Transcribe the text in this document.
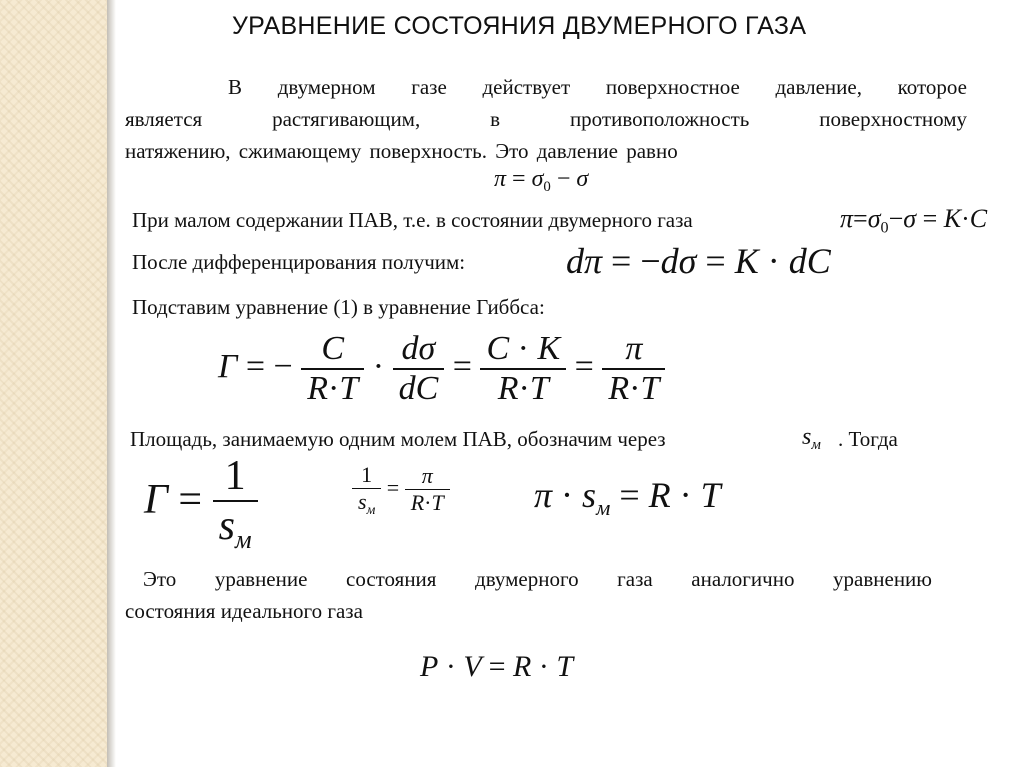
УРАВНЕНИЕ СОСТОЯНИЯ ДВУМЕРНОГО ГАЗА
В двумерном газе действует поверхностное давление, которое
является растягивающим, в противоположность поверхностному
натяжению, сжимающему поверхность. Это давление равно
$\pi = \sigma_0 - \sigma$
При малом содержании ПАВ, т.е. в состоянии двумерного газа	$\pi=\sigma_0-\sigma = K\cdot C$
После дифференцирования получим:	dπ = −dσ = K · dC
Подставим уравнение (1) в уравнение Гиббса:
Γ = − $\frac{C}{R\cdot T} \cdot \frac{d\sigma}{dC} = \frac{C \cdot K}{R\cdot T} = \frac{\pi}{R\cdot T}$
Площадь, занимаемую одним молем ПАВ, обозначим через	$s_м$ . Тогда
$\Gamma = \frac{1}{s_м}$	$\frac{1}{s_м} = \frac{\pi}{R\cdot T}$ $\pi \cdot s_м = R \cdot T$
Это уравнение состояния двумерного газа аналогично уравнению
состояния идеального газа
P · V = R · T
